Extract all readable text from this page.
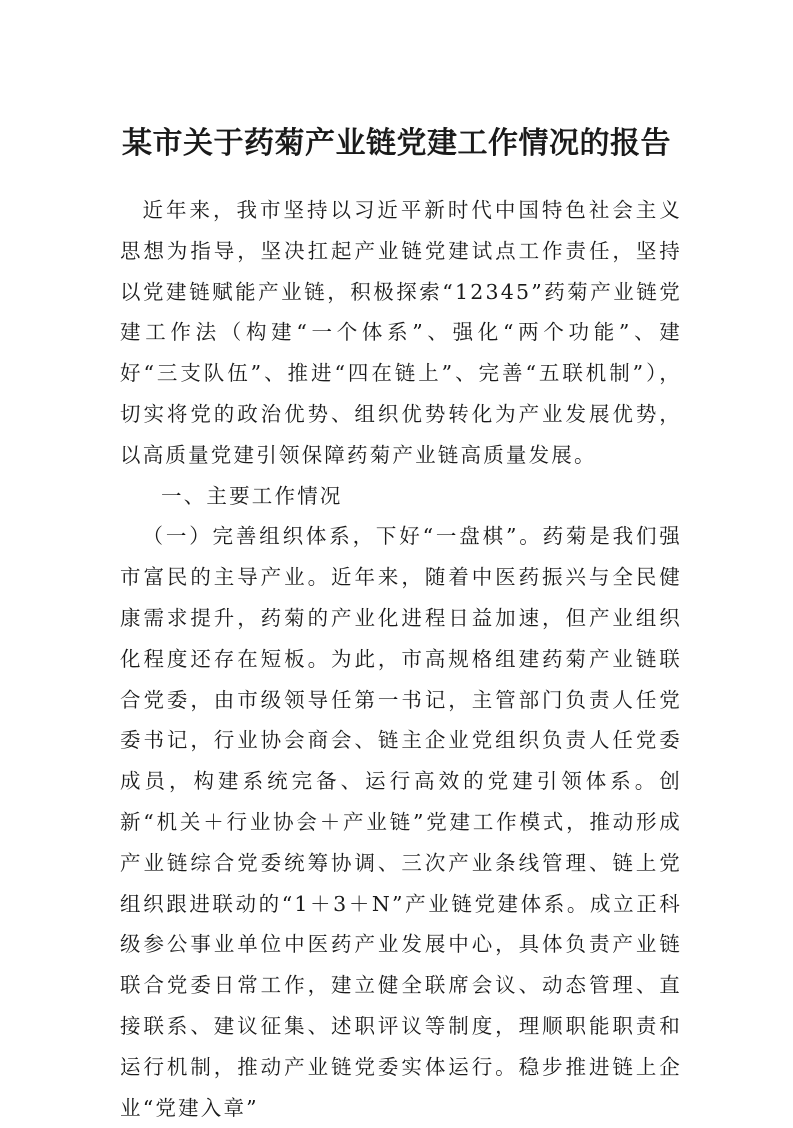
某市关于药菊产业链党建工作情况的报告

近年来，我市坚持以习近平新时代中国特色社会主义思想为指导，坚决扛起产业链党建试点工作责任，坚持以党建链赋能产业链，积极探索“12345”药菊产业链党建工作法（构建“一个体系”、强化“两个功能”、建好“三支队伍”、推进“四在链上”、完善“五联机制”），切实将党的政治优势、组织优势转化为产业发展优势，以高质量党建引领保障药菊产业链高质量发展。

一、主要工作情况

（一）完善组织体系，下好“一盘棋”。药菊是我们强市富民的主导产业。近年来，随着中医药振兴与全民健康需求提升，药菊的产业化进程日益加速，但产业组织化程度还存在短板。为此，市高规格组建药菊产业链联合党委，由市级领导任第一书记，主管部门负责人任党委书记，行业协会商会、链主企业党组织负责人任党委成员，构建系统完备、运行高效的党建引领体系。创新“机关＋行业协会＋产业链”党建工作模式，推动形成产业链综合党委统筹协调、三次产业条线管理、链上党组织跟进联动的“1＋3＋N”产业链党建体系。成立正科级参公事业单位中医药产业发展中心，具体负责产业链联合党委日常工作，建立健全联席会议、动态管理、直接联系、建议征集、述职评议等制度，理顺职能职责和运行机制，推动产业链党委实体运行。稳步推进链上企业“党建入章”
